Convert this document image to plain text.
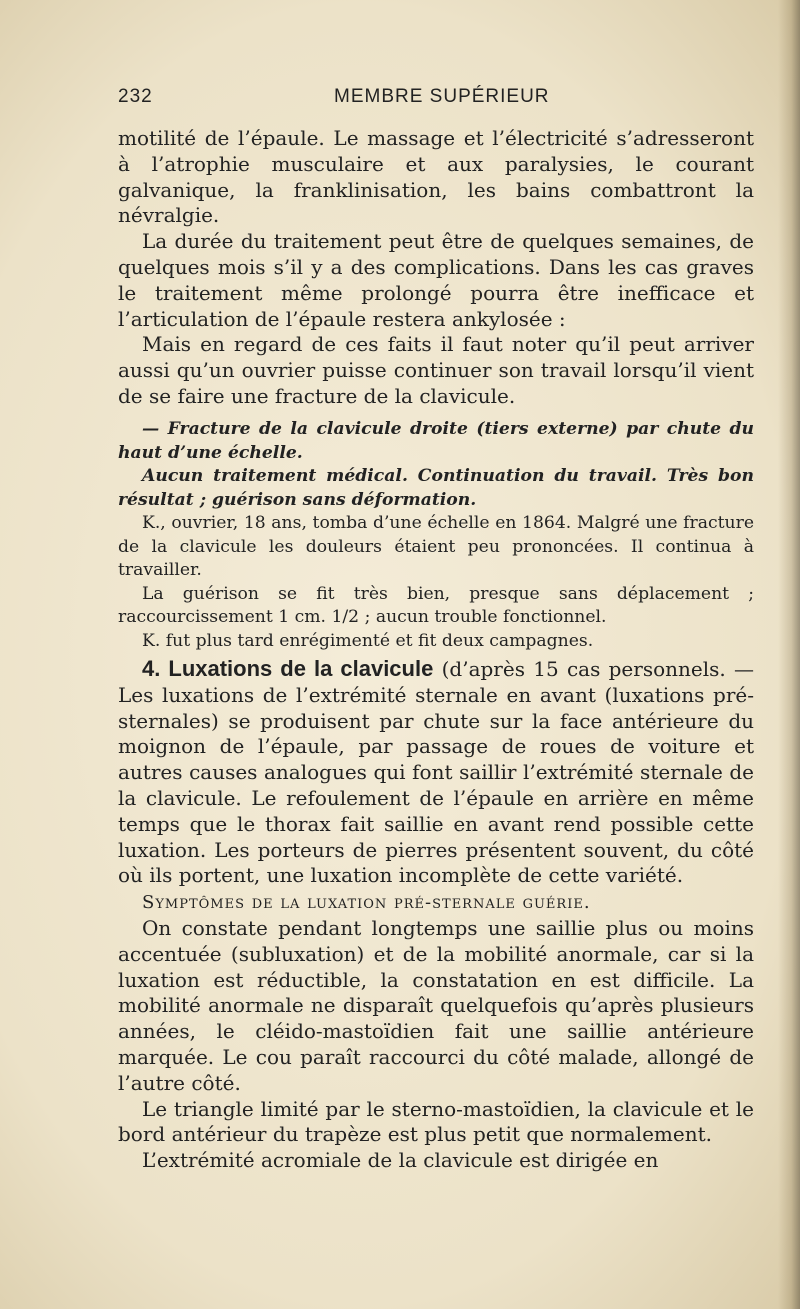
232	MEMBRE SUPÉRIEUR

motilité de l’épaule. Le massage et l’électricité s’adresseront à l’atrophie musculaire et aux paralysies, le courant galvanique, la franklinisation, les bains combattront la névralgie.

La durée du traitement peut être de quelques semaines, de quelques mois s’il y a des complications. Dans les cas graves le traitement même prolongé pourra être inefficace et l’articulation de l’épaule restera ankylosée :

Mais en regard de ces faits il faut noter qu’il peut arriver aussi qu’un ouvrier puisse continuer son travail lorsqu’il vient de se faire une fracture de la clavicule.

— Fracture de la clavicule droite (tiers externe) par chute du haut d’une échelle.

Aucun traitement médical. Continuation du travail. Très bon résultat ; guérison sans déformation.

K., ouvrier, 18 ans, tomba d’une échelle en 1864. Malgré une fracture de la clavicule les douleurs étaient peu prononcées. Il continua à travailler.

La guérison se fit très bien, presque sans déplacement ; raccourcissement 1 cm. 1/2 ; aucun trouble fonctionnel.

K. fut plus tard enrégimenté et fit deux campagnes.

4. Luxations de la clavicule (d’après 15 cas personnels. — Les luxations de l’extrémité sternale en avant (luxations pré-sternales) se produisent par chute sur la face antérieure du moignon de l’épaule, par passage de roues de voiture et autres causes analogues qui font saillir l’extrémité sternale de la clavicule. Le refoulement de l’épaule en arrière en même temps que le thorax fait saillie en avant rend possible cette luxation. Les porteurs de pierres présentent souvent, du côté où ils portent, une luxation incomplète de cette variété.

Symptômes de la luxation pré-sternale guérie.

On constate pendant longtemps une saillie plus ou moins accentuée (subluxation) et de la mobilité anormale, car si la luxation est réductible, la constatation en est difficile. La mobilité anormale ne disparaît quelquefois qu’après plusieurs années, le cléido-mastoïdien fait une saillie antérieure marquée. Le cou paraît raccourci du côté malade, allongé de l’autre côté.

Le triangle limité par le sterno-mastoïdien, la clavicule et le bord antérieur du trapèze est plus petit que normalement.

L’extrémité acromiale de la clavicule est dirigée en
